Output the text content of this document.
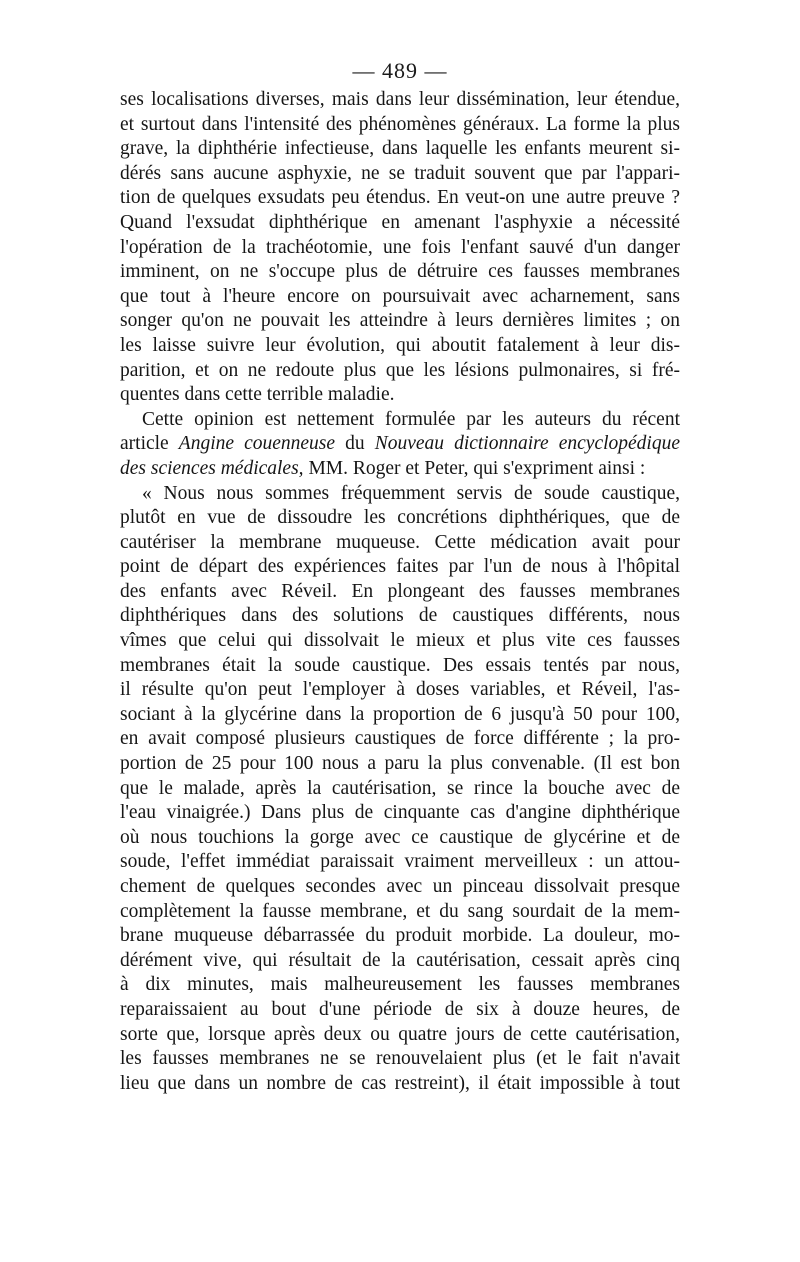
— 489 —
ses localisations diverses, mais dans leur dissémination, leur étendue,
et surtout dans l'intensité des phénomènes généraux. La forme la plus
grave, la diphthérie infectieuse, dans laquelle les enfants meurent si-
dérés sans aucune asphyxie, ne se traduit souvent que par l'appari-
tion de quelques exsudats peu étendus. En veut-on une autre preuve ?
Quand l'exsudat diphthérique en amenant l'asphyxie a nécessité
l'opération de la trachéotomie, une fois l'enfant sauvé d'un danger
imminent, on ne s'occupe plus de détruire ces fausses membranes
que tout à l'heure encore on poursuivait avec acharnement, sans
songer qu'on ne pouvait les atteindre à leurs dernières limites ; on
les laisse suivre leur évolution, qui aboutit fatalement à leur dis-
parition, et on ne redoute plus que les lésions pulmonaires, si fré-
quentes dans cette terrible maladie.
Cette opinion est nettement formulée par les auteurs du récent
article Angine couenneuse du Nouveau dictionnaire encyclopédique
des sciences médicales, MM. Roger et Peter, qui s'expriment ainsi :
« Nous nous sommes fréquemment servis de soude caustique,
plutôt en vue de dissoudre les concrétions diphthériques, que de
cautériser la membrane muqueuse. Cette médication avait pour
point de départ des expériences faites par l'un de nous à l'hôpital
des enfants avec Réveil. En plongeant des fausses membranes
diphthériques dans des solutions de caustiques différents, nous
vîmes que celui qui dissolvait le mieux et plus vite ces fausses
membranes était la soude caustique. Des essais tentés par nous,
il résulte qu'on peut l'employer à doses variables, et Réveil, l'as-
sociant à la glycérine dans la proportion de 6 jusqu'à 50 pour 100,
en avait composé plusieurs caustiques de force différente ; la pro-
portion de 25 pour 100 nous a paru la plus convenable. (Il est bon
que le malade, après la cautérisation, se rince la bouche avec de
l'eau vinaigrée.) Dans plus de cinquante cas d'angine diphthérique
où nous touchions la gorge avec ce caustique de glycérine et de
soude, l'effet immédiat paraissait vraiment merveilleux : un attou-
chement de quelques secondes avec un pinceau dissolvait presque
complètement la fausse membrane, et du sang sourdait de la mem-
brane muqueuse débarrassée du produit morbide. La douleur, mo-
dérément vive, qui résultait de la cautérisation, cessait après cinq
à dix minutes, mais malheureusement les fausses membranes
reparaissaient au bout d'une période de six à douze heures, de
sorte que, lorsque après deux ou quatre jours de cette cautérisation,
les fausses membranes ne se renouvelaient plus (et le fait n'avait
lieu que dans un nombre de cas restreint), il était impossible à tout
